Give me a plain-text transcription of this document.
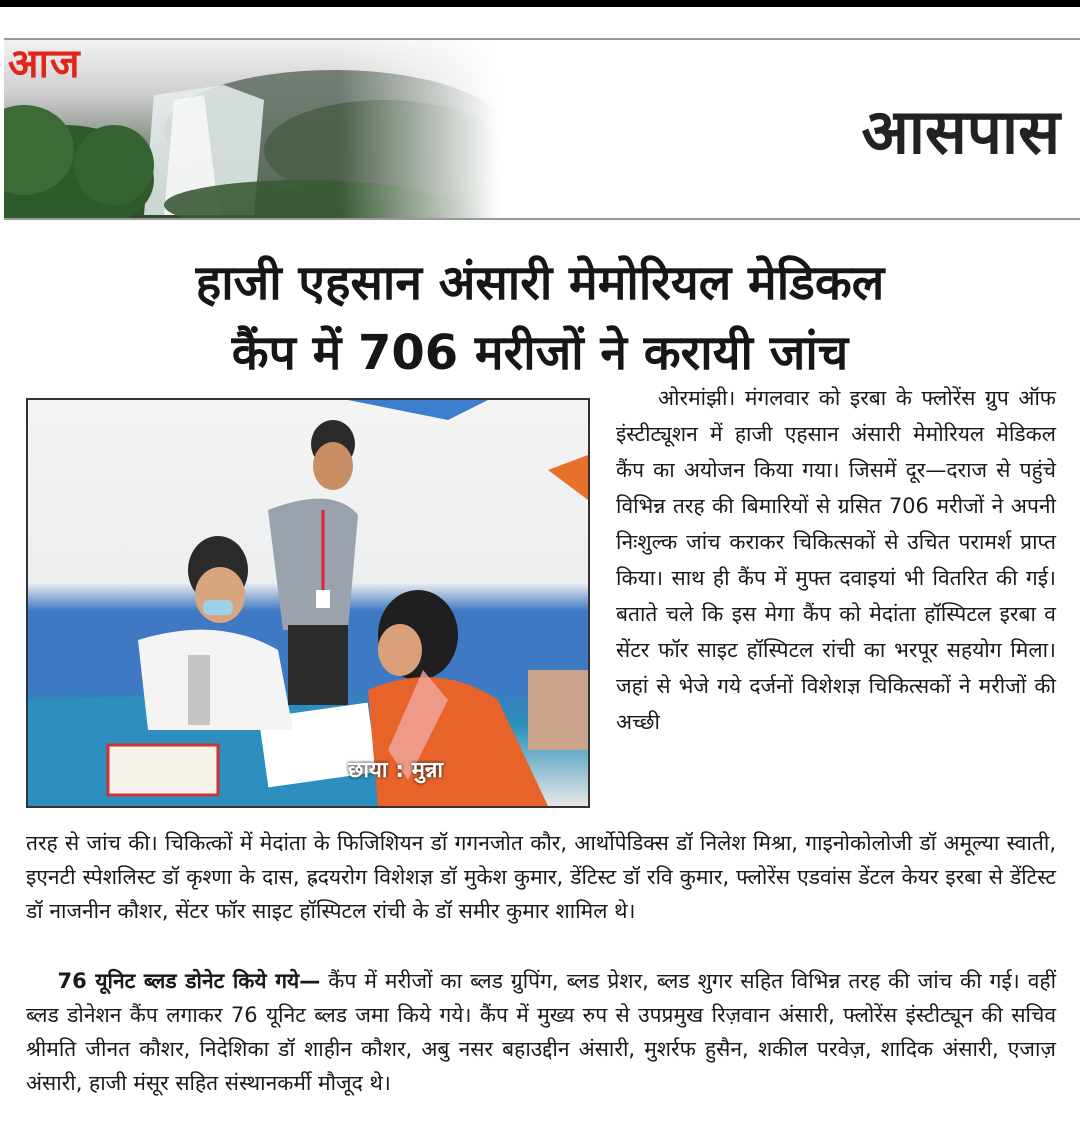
आज
आसपास
हाजी एहसान अंसारी मेमोरियल मेडिकल
कैंप में 706 मरीजों ने करायी जांच
छाया : मुन्ना

  ओरमांझी। मंगलवार को इरबा के फ्लोरेंस ग्रुप ऑफ इंस्टीट्यूशन में हाजी एहसान अंसारी मेमोरियल मेडिकल कैंप का अयोजन किया गया। जिसमें दूर—दराज से पहुंचे विभिन्न तरह की बिमारियों से ग्रसित 706 मरीजों ने अपनी निःशुल्क जांच कराकर चिकित्सकों से उचित परामर्श प्राप्त किया। साथ ही कैंप में मुफ्त दवाइयां भी वितरित की गई। बताते चले कि इस मेगा कैंप को मेदांता हॉस्पिटल इरबा व सेंटर फॉर साइट हॉस्पिटल रांची का भरपूर सहयोग मिला। जहां से भेजे गये दर्जनों विशेशज्ञ चिकित्सकों ने मरीजों की अच्छी

तरह से जांच की। चिकित्कों में मेदांता के फिजिशियन डॉ गगनजोत कौर, आर्थोपेडिक्स डॉ निलेश मिश्रा, गाइनोकोलोजी डॉ अमूल्या स्वाती, इएनटी स्पेशलिस्ट डॉ कृश्णा के दास, ह्रदयरोग विशेशज्ञ डॉ मुकेश कुमार, डेंटिस्ट डॉ रवि कुमार, फ्लोरेंस एडवांस डेंटल केयर इरबा से डेंटिस्ट डॉ नाजनीन कौशर, सेंटर फॉर साइट हॉस्पिटल रांची के डॉ समीर कुमार शामिल थे।

  76 यूनिट ब्लड डोनेट किये गये— कैंप में मरीजों का ब्लड ग्रुपिंग, ब्लड प्रेशर, ब्लड शुगर सहित विभिन्न तरह की जांच की गई। वहीं ब्लड डोनेशन कैंप लगाकर 76 यूनिट ब्लड जमा किये गये। कैंप में मुख्य रुप से उपप्रमुख रिज़वान अंसारी, फ्लोरेंस इंस्टीट्यून की सचिव श्रीमति जीनत कौशर, निदेशिका डॉ शाहीन कौशर, अबु नसर बहाउद्दीन अंसारी, मुशर्रफ हुसैन, शकील परवेज़, शादिक अंसारी, एजाज़ अंसारी, हाजी मंसूर सहित संस्थानकर्मी मौजूद थे।
